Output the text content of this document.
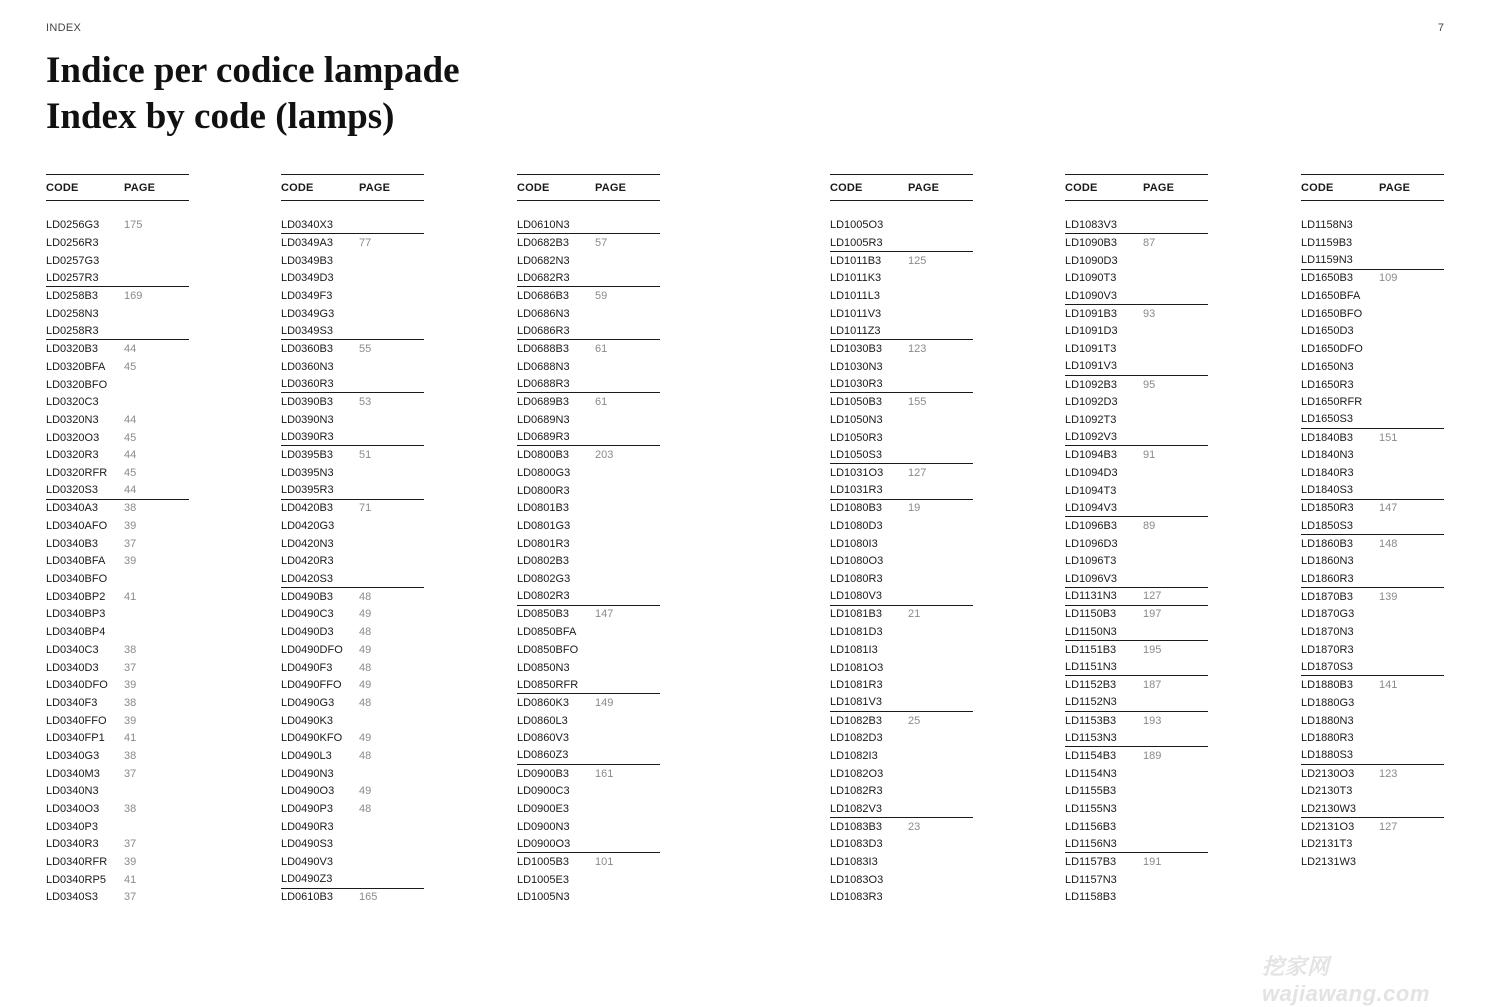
INDEX	7
Indice per codice lampade
Index by code (lamps)
CODE	PAGE
LD0256G3	175
LD0256R3
LD0257G3
LD0257R3
LD0258B3	169
LD0258N3
LD0258R3
LD0320B3	44
LD0320BFA	45
LD0320BFO
LD0320C3
LD0320N3	44
LD0320O3	45
LD0320R3	44
LD0320RFR	45
LD0320S3	44
LD0340A3	38
LD0340AFO	39
LD0340B3	37
LD0340BFA	39
LD0340BFO
LD0340BP2	41
LD0340BP3
LD0340BP4
LD0340C3	38
LD0340D3	37
LD0340DFO	39
LD0340F3	38
LD0340FFO	39
LD0340FP1	41
LD0340G3	38
LD0340M3	37
LD0340N3
LD0340O3	38
LD0340P3
LD0340R3	37
LD0340RFR	39
LD0340RP5	41
LD0340S3	37
CODE	PAGE
LD0340X3
LD0349A3	77
LD0349B3
LD0349D3
LD0349F3
LD0349G3
LD0349S3
LD0360B3	55
LD0360N3
LD0360R3
LD0390B3	53
LD0390N3
LD0390R3
LD0395B3	51
LD0395N3
LD0395R3
LD0420B3	71
LD0420G3
LD0420N3
LD0420R3
LD0420S3
LD0490B3	48
LD0490C3	49
LD0490D3	48
LD0490DFO	49
LD0490F3	48
LD0490FFO	49
LD0490G3	48
LD0490K3
LD0490KFO	49
LD0490L3	48
LD0490N3
LD0490O3	49
LD0490P3	48
LD0490R3
LD0490S3
LD0490V3
LD0490Z3
LD0610B3	165
CODE	PAGE
LD0610N3
LD0682B3	57
LD0682N3
LD0682R3
LD0686B3	59
LD0686N3
LD0686R3
LD0688B3	61
LD0688N3
LD0688R3
LD0689B3	61
LD0689N3
LD0689R3
LD0800B3	203
LD0800G3
LD0800R3
LD0801B3
LD0801G3
LD0801R3
LD0802B3
LD0802G3
LD0802R3
LD0850B3	147
LD0850BFA
LD0850BFO
LD0850N3
LD0850RFR
LD0860K3	149
LD0860L3
LD0860V3
LD0860Z3
LD0900B3	161
LD0900C3
LD0900E3
LD0900N3
LD0900O3
LD1005B3	101
LD1005E3
LD1005N3
CODE	PAGE
LD1005O3
LD1005R3
LD1011B3	125
LD1011K3
LD1011L3
LD1011V3
LD1011Z3
LD1030B3	123
LD1030N3
LD1030R3
LD1050B3	155
LD1050N3
LD1050R3
LD1050S3
LD1031O3	127
LD1031R3
LD1080B3	19
LD1080D3
LD1080I3
LD1080O3
LD1080R3
LD1080V3
LD1081B3	21
LD1081D3
LD1081I3
LD1081O3
LD1081R3
LD1081V3
LD1082B3	25
LD1082D3
LD1082I3
LD1082O3
LD1082R3
LD1082V3
LD1083B3	23
LD1083D3
LD1083I3
LD1083O3
LD1083R3
CODE	PAGE
LD1083V3
LD1090B3	87
LD1090D3
LD1090T3
LD1090V3
LD1091B3	93
LD1091D3
LD1091T3
LD1091V3
LD1092B3	95
LD1092D3
LD1092T3
LD1092V3
LD1094B3	91
LD1094D3
LD1094T3
LD1094V3
LD1096B3	89
LD1096D3
LD1096T3
LD1096V3
LD1131N3	127
LD1150B3	197
LD1150N3
LD1151B3	195
LD1151N3
LD1152B3	187
LD1152N3
LD1153B3	193
LD1153N3
LD1154B3	189
LD1154N3
LD1155B3
LD1155N3
LD1156B3
LD1156N3
LD1157B3	191
LD1157N3
LD1158B3
CODE	PAGE
LD1158N3
LD1159B3
LD1159N3
LD1650B3	109
LD1650BFA
LD1650BFO
LD1650D3
LD1650DFO
LD1650N3
LD1650R3
LD1650RFR
LD1650S3
LD1840B3	151
LD1840N3
LD1840R3
LD1840S3
LD1850R3	147
LD1850S3
LD1860B3	148
LD1860N3
LD1860R3
LD1870B3	139
LD1870G3
LD1870N3
LD1870R3
LD1870S3
LD1880B3	141
LD1880G3
LD1880N3
LD1880R3
LD1880S3
LD2130O3	123
LD2130T3
LD2130W3
LD2131O3	127
LD2131T3
LD2131W3
挖家网 wajiawang.com
